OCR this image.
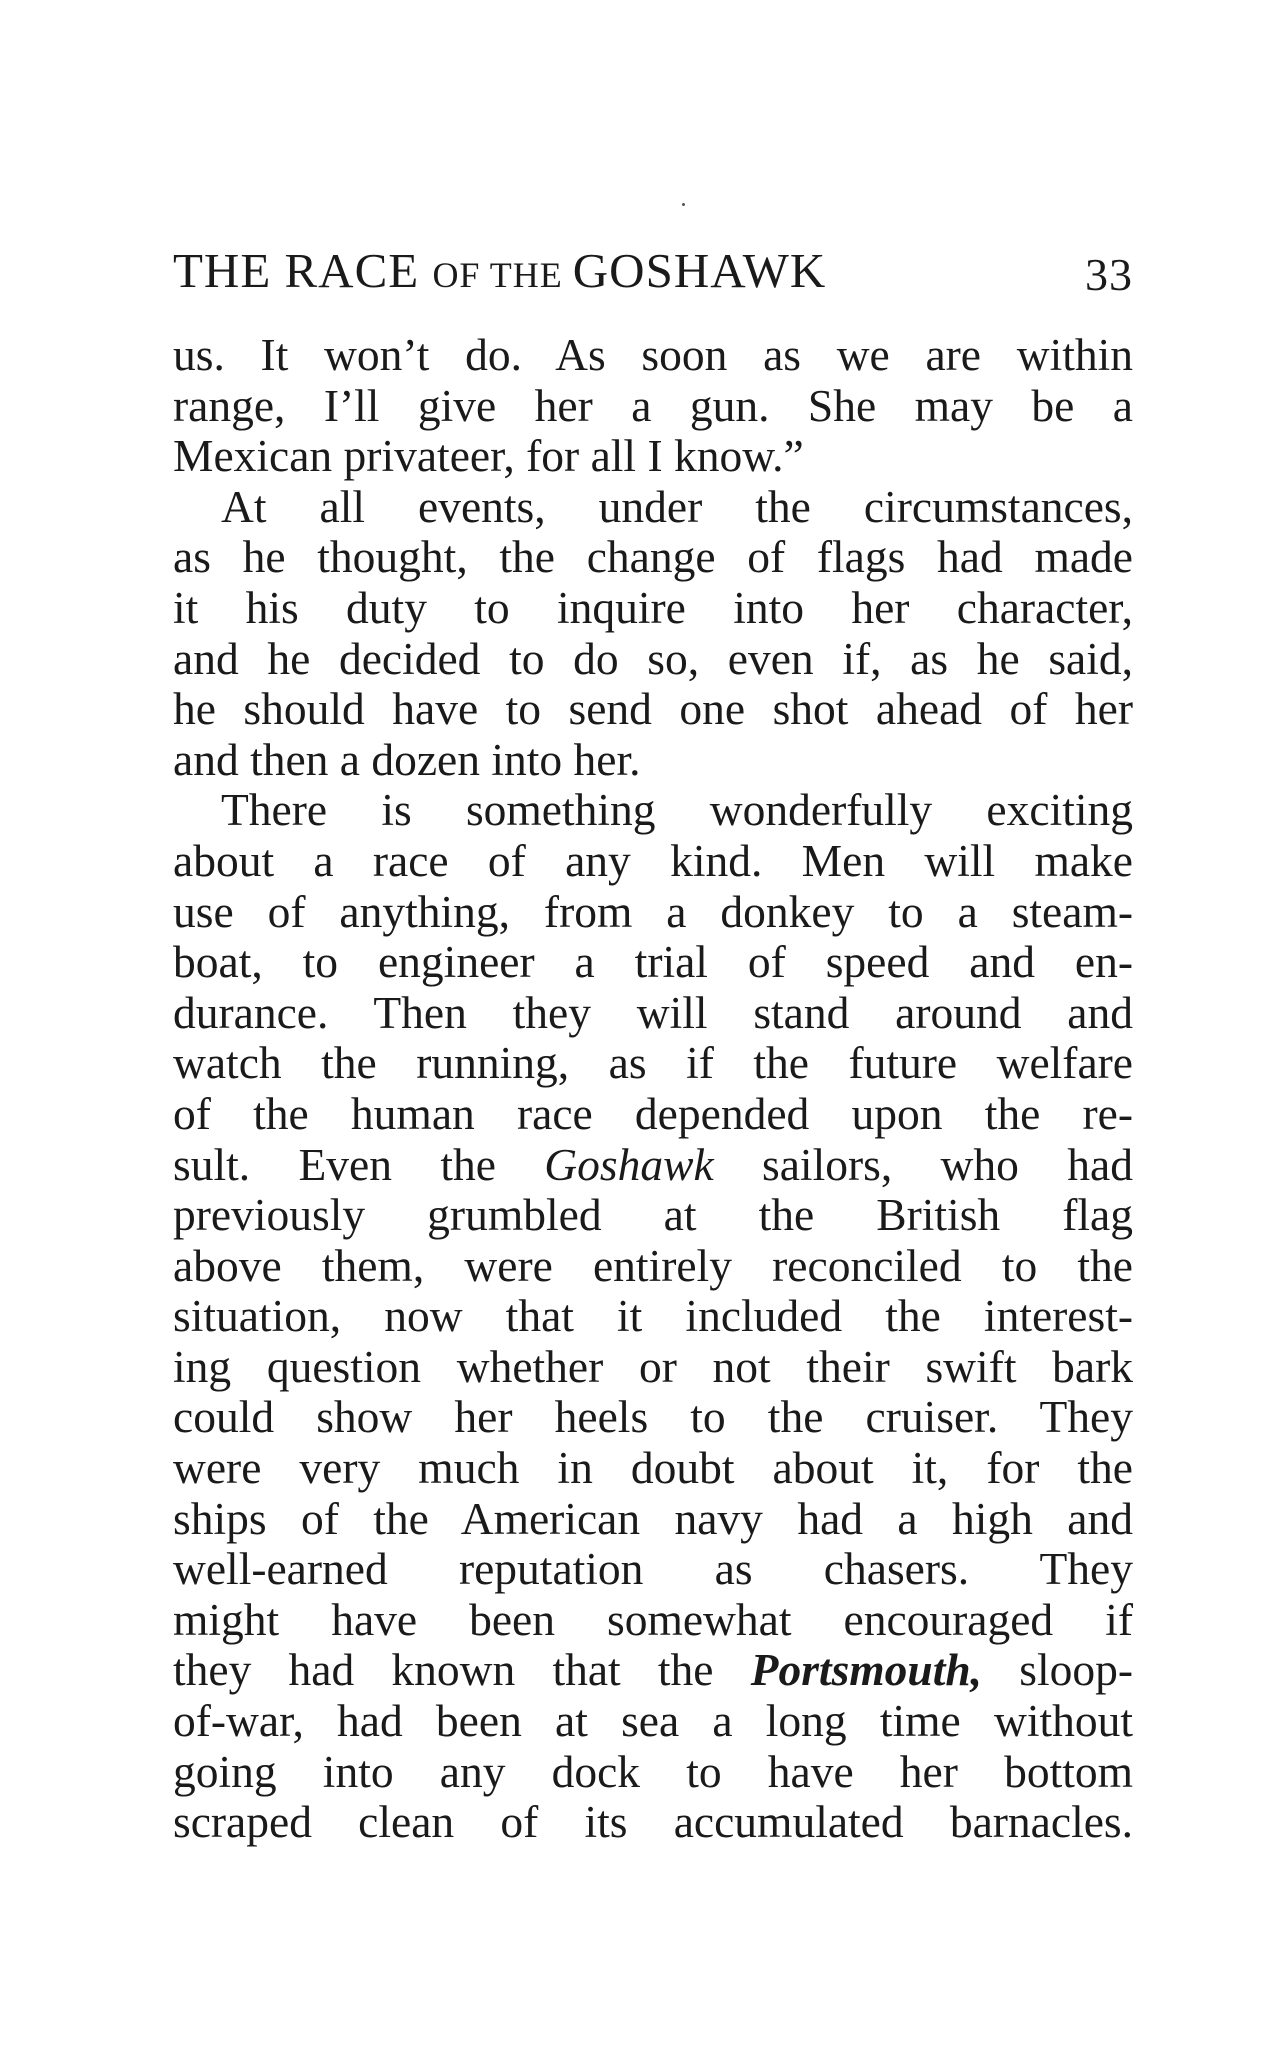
THE RACE OF THE GOSHAWK	33
us. It won’t do. As soon as we are within
range, I’ll give her a gun. She may be a
Mexican privateer, for all I know.”
At all events, under the circumstances,
as he thought, the change of flags had made
it his duty to inquire into her character,
and he decided to do so, even if, as he said,
he should have to send one shot ahead of her
and then a dozen into her.
There is something wonderfully exciting
about a race of any kind. Men will make
use of anything, from a donkey to a steam-
boat, to engineer a trial of speed and en-
durance. Then they will stand around and
watch the running, as if the future welfare
of the human race depended upon the re-
sult. Even the Goshawk sailors, who had
previously grumbled at the British flag
above them, were entirely reconciled to the
situation, now that it included the interest-
ing question whether or not their swift bark
could show her heels to the cruiser. They
were very much in doubt about it, for the
ships of the American navy had a high and
well-earned reputation as chasers. They
might have been somewhat encouraged if
they had known that the Portsmouth, sloop-
of-war, had been at sea a long time without
going into any dock to have her bottom
scraped clean of its accumulated barnacles.
